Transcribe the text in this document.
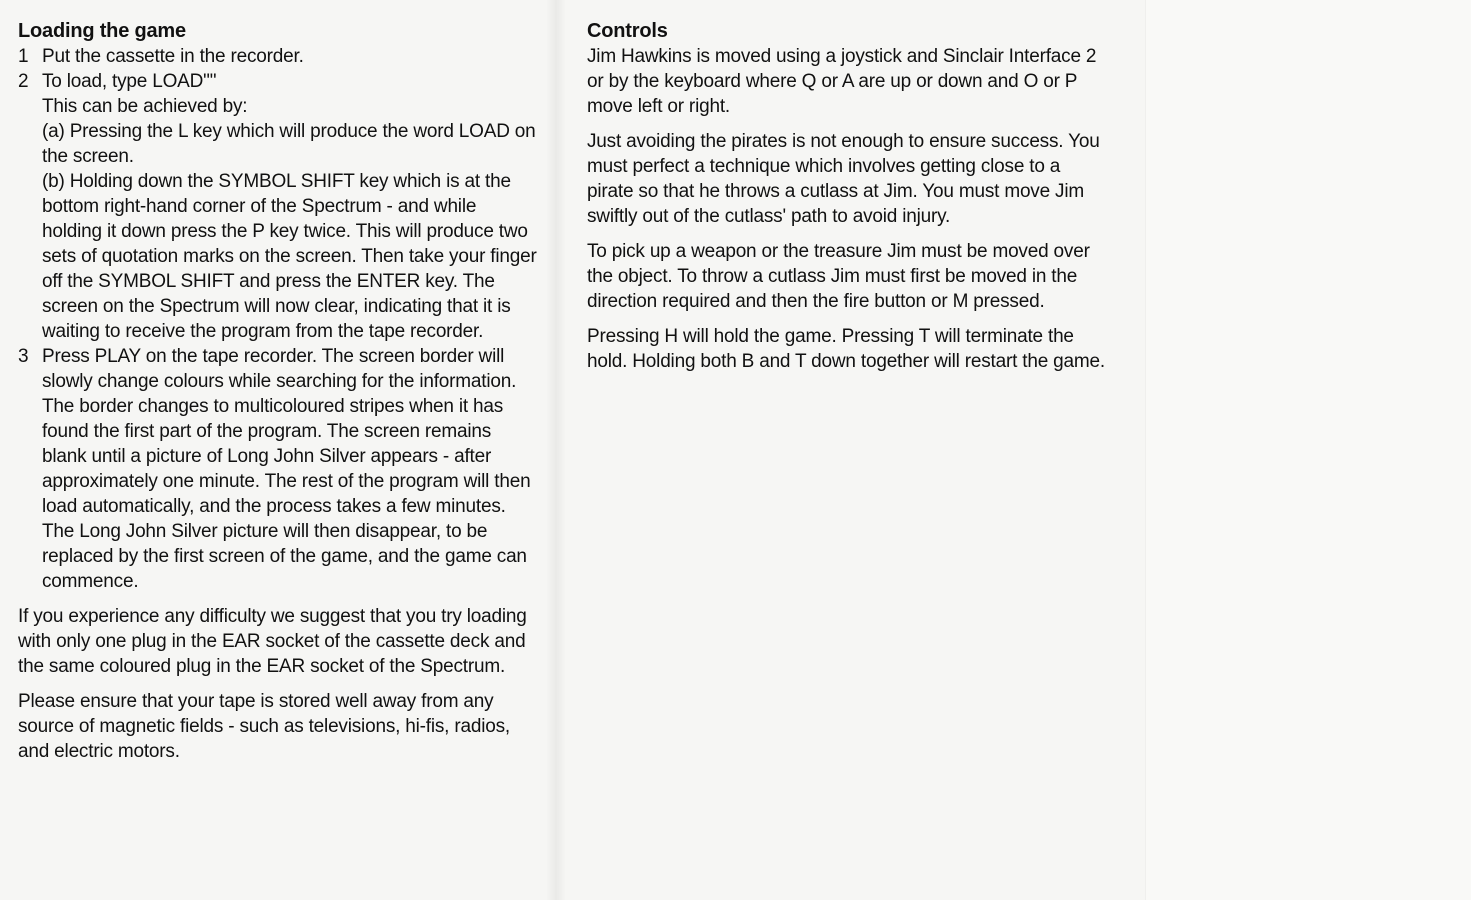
Loading the game
1 Put the cassette in the recorder.

2 To load, type LOAD""

This can be achieved by:

(a) Pressing the L key which will produce the word LOAD on the screen.

(b) Holding down the SYMBOL SHIFT key which is at the bottom right-hand corner of the Spectrum - and while holding it down press the P key twice. This will produce two sets of quotation marks on the screen. Then take your finger off the SYMBOL SHIFT and press the ENTER key. The screen on the Spectrum will now clear, indicating that it is waiting to receive the program from the tape recorder.

3 Press PLAY on the tape recorder. The screen border will slowly change colours while searching for the information. The border changes to multicoloured stripes when it has found the first part of the program. The screen remains blank until a picture of Long John Silver appears - after approximately one minute. The rest of the program will then load automatically, and the process takes a few minutes. The Long John Silver picture will then disappear, to be replaced by the first screen of the game, and the game can commence.

If you experience any difficulty we suggest that you try loading with only one plug in the EAR socket of the cassette deck and the same coloured plug in the EAR socket of the Spectrum.

Please ensure that your tape is stored well away from any source of magnetic fields - such as televisions, hi-fis, radios, and electric motors.

Controls

Jim Hawkins is moved using a joystick and Sinclair Interface 2 or by the keyboard where Q or A are up or down and O or P move left or right.

Just avoiding the pirates is not enough to ensure success. You must perfect a technique which involves getting close to a pirate so that he throws a cutlass at Jim. You must move Jim swiftly out of the cutlass' path to avoid injury.

To pick up a weapon or the treasure Jim must be moved over the object. To throw a cutlass Jim must first be moved in the direction required and then the fire button or M pressed.

Pressing H will hold the game. Pressing T will terminate the hold. Holding both B and T down together will restart the game.
